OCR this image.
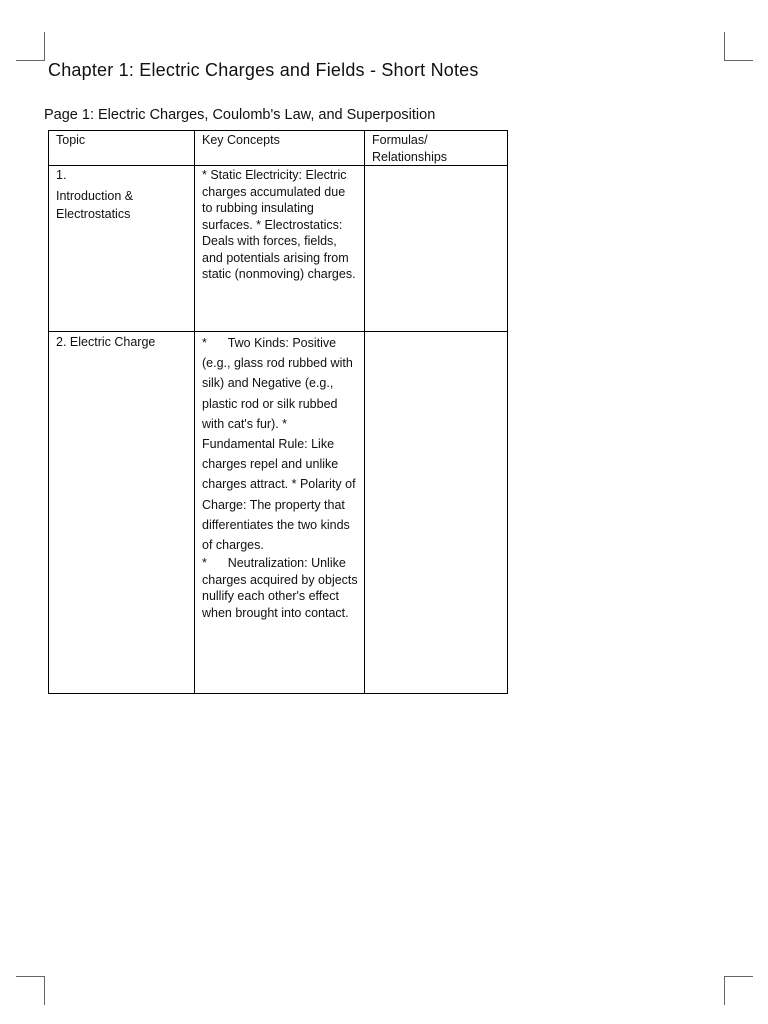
Chapter 1: Electric Charges and Fields - Short Notes
Page 1: Electric Charges, Coulomb's Law, and Superposition
Topic	Key Concepts	Formulas/ Relationships

1.
Introduction & Electrostatics	* Static Electricity: Electric charges accumulated due to rubbing insulating surfaces. * Electrostatics: Deals with forces, fields, and potentials arising from static (nonmoving) charges.	

2. Electric Charge	*      Two Kinds: Positive (e.g., glass rod rubbed with silk) and Negative (e.g., plastic rod or silk rubbed with cat's fur). * Fundamental Rule: Like charges repel and unlike charges attract. * Polarity of Charge: The property that differentiates the two kinds of charges.
*      Neutralization: Unlike charges acquired by objects nullify each other's effect when brought into contact.	
